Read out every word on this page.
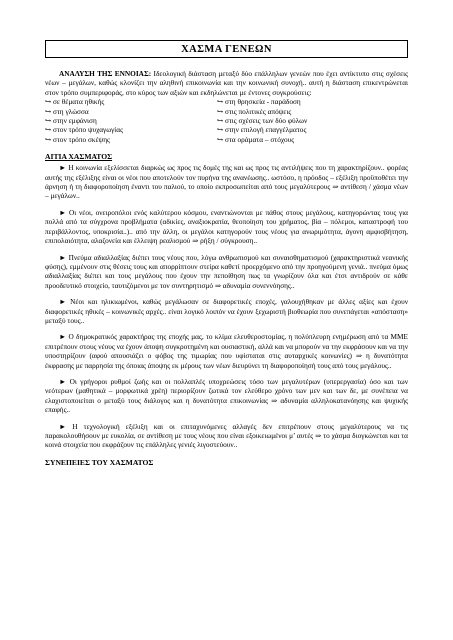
ΧΑΣΜΑ ΓΕΝΕΩΝ

ΑΝΑΛΥΣΗ ΤΗΣ ΕΝΝΟΙΑΣ: Ιδεολογική διάσταση μεταξύ δύο επάλληλων γενεών που έχει αντίκτυπο στις σχέσεις νέων – μεγάλων, καθώς κλονίζει την αληθινή επικοινωνία και την κοινωνική συνοχή.. αυτή η διάσταση επικεντρώνεται στον τρόπο συμπεριφοράς, στο κύρος των αξιών και εκδηλώνεται με έντονες συγκρούσεις:

↪ σε θέματα ηθικής	↪ στη θρησκεία - παράδοση
↪ στη γλώσσα	↪ στις πολιτικές απόψεις
↪ στην εμφάνιση	↪ στις σχέσεις των δύο φύλων
↪ στον τρόπο ψυχαγωγίας	↪ στην επιλογή επαγγέλματος
↪ στον τρόπο σκέψης	↪ στα οράματα – στόχους
ΑΙΤΙΑ ΧΑΣΜΑΤΟΣ

► Η κοινωνία εξελίσσεται διαρκώς ως προς τις δομές της και ως προς τις αντιλήψεις που τη χαρακτηρίζουν.. φορέας αυτής της εξέλιξης είναι οι νέοι που αποτελούν τον πυρήνα της ανανέωσης.. ωστόσο, η πρόοδος – εξέλιξη προϋποθέτει την άρνηση ή τη διαφοροποίηση έναντι του παλιού, το οποίο εκπροσωπείται από τους μεγαλύτερους ⇒ αντίθεση / χάσμα νέων – μεγάλων..

► Οι νέοι, ονειροπόλοι ενός καλύτερου κόσμου, εναντιώνονται με πάθος στους μεγάλους, κατηγορώντας τους για πολλά από τα σύγχρονα προβλήματα (αδικίες, αναξιοκρατία, θεοποίηση του χρήματος, βία – πόλεμοι, καταστροφή του περιβάλλοντος, υποκρισία..).. από την άλλη, οι μεγάλοι κατηγορούν τους νέους για ανωριμότητα, άγονη αμφισβήτηση, επιπολαιότητα, αλαζονεία και έλλειψη ρεαλισμού ⇒ ρήξη / σύγκρουση..

► Πνεύμα αδιαλλαξίας διέπει τους νέους που, λόγω ανθρωπισμού και συναισθηματισμού (χαρακτηριστικά νεανικής φύσης), εμμένουν στις θέσεις τους και απορρίπτουν στείρα καθετί προερχόμενο από την προηγούμενη γενιά.. πνεύμα όμως αδιαλλαξίας διέπει και τους μεγάλους που έχουν την πεποίθηση πως τα γνωρίζουν όλα και έτσι αντιδρούν σε κάθε προοδευτικό στοιχείο, ταυτιζόμενοι με τον συντηρητισμό ⇒ αδυναμία συνεννόησης..

► Νέοι και ηλικιωμένοι, καθώς μεγάλωσαν σε διαφορετικές εποχές, γαλουχήθηκαν με άλλες αξίες και έχουν διαφορετικές ηθικές – κοινωνικές αρχές.. είναι λογικό λοιπόν να έχουν ξεχωριστή βιοθεωρία που συνεπάγεται «απόσταση» μεταξύ τους..

► Ο δημοκρατικός χαρακτήρας της εποχής μας, το κλίμα ελευθεροστομίας, η πολύπλευρη ενημέρωση από τα ΜΜΕ επιτρέπουν στους νέους να έχουν άποψη συγκροτημένη και ουσιαστική, αλλά και να μπορούν να την εκφράσουν και να την υποστηρίζουν (αφού απουσιάζει ο φόβος της τιμωρίας που υφίσταται στις αυταρχικές κοινωνίες) ⇒ η δυνατότητα έκφρασης με παρρησία της όποιας άποψης εκ μέρους των νέων διευρύνει τη διαφοροποίησή τους από τους μεγάλους..

► Οι γρήγοροι ρυθμοί ζωής και οι πολλαπλές υποχρεώσεις τόσο των μεγαλυτέρων (υπερεργασία) όσο και των νεότερων (μαθητικά – μορφωτικά χρέη) περιορίζουν ζωτικά τον ελεύθερο χρόνο των μεν και των δε, με συνέπεια να ελαχιστοποιείται ο μεταξύ τους διάλογος και η δυνατότητα επικοινωνίας ⇒ αδυναμία αλληλοκατανόησης και ψυχικής επαφής..

► Η τεχνολογική εξέλιξη και οι επιταχυνόμενες αλλαγές δεν επιτρέπουν στους μεγαλύτερους να τις παρακολουθήσουν με ευκολία, σε αντίθεση με τους νέους που είναι εξοικειωμένοι μ’ αυτές ⇒ το χάσμα διογκώνεται και τα κοινά στοιχεία που εκφράζουν τις επάλληλες γενιές λιγοστεύουν..

ΣΥΝΕΠΕΙΕΣ ΤΟΥ ΧΑΣΜΑΤΟΣ
